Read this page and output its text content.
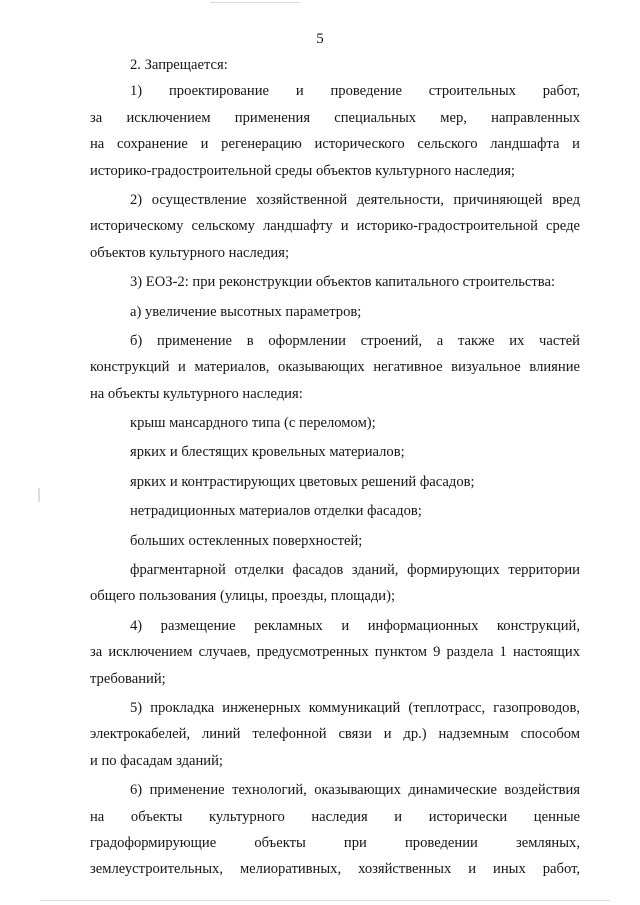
5
2. Запрещается:
1) проектирование и проведение строительных работ,
за исключением применения специальных мер, направленных
на сохранение и регенерацию исторического сельского ландшафта и
историко-градостроительной среды объектов культурного наследия;
2) осуществление хозяйственной деятельности, причиняющей вред
историческому сельскому ландшафту и историко-градостроительной среде
объектов культурного наследия;
3) ЕОЗ-2: при реконструкции объектов капитального строительства:
а) увеличение высотных параметров;
б) применение в оформлении строений, а также их частей
конструкций и материалов, оказывающих негативное визуальное влияние
на объекты культурного наследия:
крыш мансардного типа (с переломом);
ярких и блестящих кровельных материалов;
ярких и контрастирующих цветовых решений фасадов;
нетрадиционных материалов отделки фасадов;
больших остекленных поверхностей;
фрагментарной отделки фасадов зданий, формирующих территории
общего пользования (улицы, проезды, площади);
4) размещение рекламных и информационных конструкций,
за исключением случаев, предусмотренных пунктом 9 раздела 1 настоящих
требований;
5) прокладка инженерных коммуникаций (теплотрасс, газопроводов,
электрокабелей, линий телефонной связи и др.) надземным способом
и по фасадам зданий;
6) применение технологий, оказывающих динамические воздействия
на объекты культурного наследия и исторически ценные
градоформирующие объекты при проведении земляных,
землеустроительных, мелиоративных, хозяйственных и иных работ,
